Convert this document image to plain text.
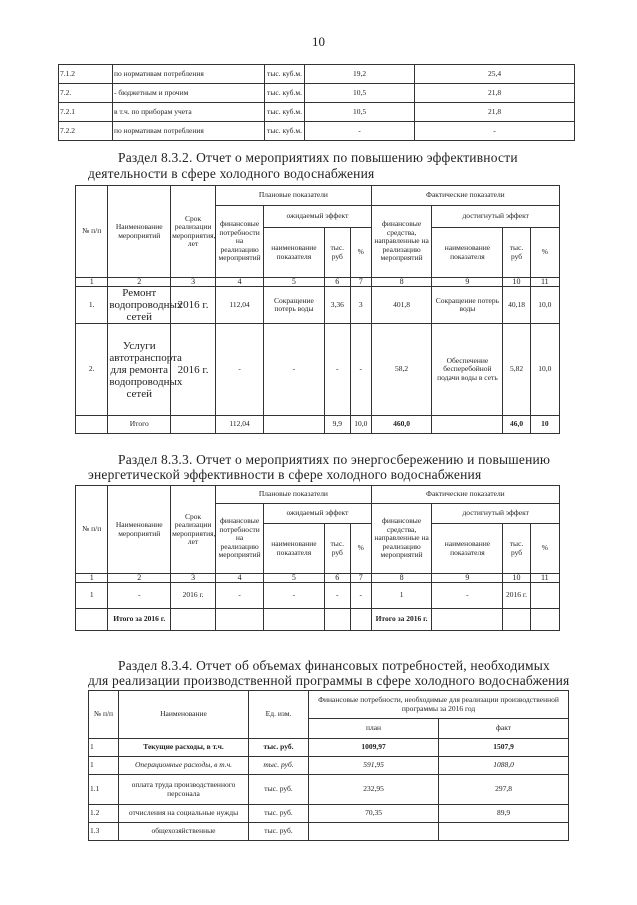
10
7.1.2	по нормативам потребления	тыс. куб.м.	19,2	25,4
7.2.	- бюджетным и прочим	тыс. куб.м.	10,5	21,8
7.2.1	в т.ч. по приборам учета	тыс. куб.м.	10,5	21,8
7.2.2	по нормативам потребления	тыс. куб.м.	-	-
Раздел 8.3.2. Отчет о мероприятиях по повышению эффективности
деятельности в сфере холодного водоснабжения
№ п/п	Наименование мероприятий	Срок реализации мероприятия, лет	Плановые показатели				Фактические показатели			
			финансовые потребности на реализацию мероприятий	ожидаемый эффект			финансовые средства, направленные на реализацию мероприятий	достигнутый эффект		
				наименование показателя	тыс. руб	%		наименование показателя	тыс. руб	%
1	2	3	4	5	6	7	8	9	10	11
1.	Ремонт водопроводных сетей	2016 г.	112,04	Сокращение потерь воды	3,36	3	401,8	Сокращение потерь воды	40,18	10,0
2.	Услуги автотранспорта для ремонта водопроводных сетей	2016 г.	-	-	-	-	58,2	Обеспечение бесперебойной подачи воды в сеть	5,82	10,0
	Итого		112,04		9,9	10,0	460,0		46,0	10
Раздел 8.3.3. Отчет о мероприятиях по энергосбережению и повышению
энергетической эффективности в сфере холодного водоснабжения
№ п/п	Наименование мероприятий	Срок реализации мероприятия, лет	Плановые показатели				Фактические показатели			
			финансовые потребности на реализацию мероприятий	ожидаемый эффект			финансовые средства, направленные на реализацию мероприятий	достигнутый эффект		
				наименование показателя	тыс. руб	%		наименование показателя	тыс. руб	%
1	2	3	4	5	6	7	8	9	10	11
1	-	2016 г.	-	-	-	-	1	-	2016 г.	
	Итого за 2016 г.						Итого за 2016 г.			
Раздел 8.3.4. Отчет об объемах финансовых потребностей, необходимых
для реализации производственной программы в сфере холодного водоснабжения
№ п/п	Наименование	Ед. изм.	Финансовые потребности, необходимые для реализации производственной программы за 2016 год	
			план	факт
1	Текущие расходы, в т.ч.	тыс. руб.	1009,97	1507,9
1	Операционные расходы, в т.ч.	тыс. руб.	591,95	1088,0
1.1	оплата труда производственного персонала	тыс. руб.	232,95	297,8
1.2	отчисления на социальные нужды	тыс. руб.	70,35	89,9
1.3	общехозяйственные	тыс. руб.		
